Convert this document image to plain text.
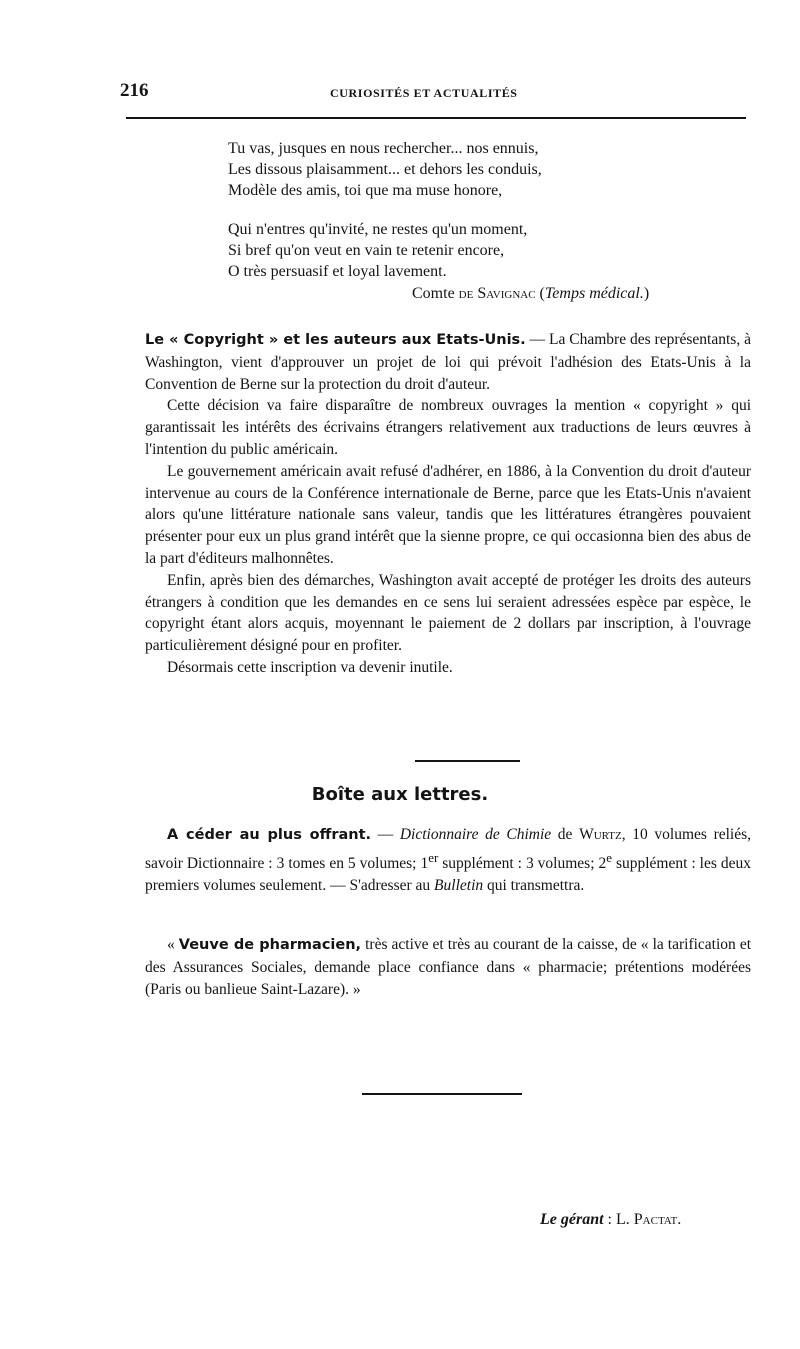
216	CURIOSITÉS ET ACTUALITÉS
Tu vas, jusques en nous rechercher... nos ennuis,
Les dissous plaisamment... et dehors les conduis,
Modèle des amis, toi que ma muse honore,
Qui n'entres qu'invité, ne restes qu'un moment,
Si bref qu'on veut en vain te retenir encore,
O très persuasif et loyal lavement.
Comte de Savignac (Temps médical.)

Le « Copyright » et les auteurs aux Etats-Unis. — La Chambre des représentants, à Washington, vient d'approuver un projet de loi qui prévoit l'adhésion des Etats-Unis à la Convention de Berne sur la protection du droit d'auteur.

Cette décision va faire disparaître de nombreux ouvrages la mention « copyright » qui garantissait les intérêts des écrivains étrangers relativement aux traductions de leurs œuvres à l'intention du public américain.

Le gouvernement américain avait refusé d'adhérer, en 1886, à la Convention du droit d'auteur intervenue au cours de la Conférence internationale de Berne, parce que les Etats-Unis n'avaient alors qu'une littérature nationale sans valeur, tandis que les littératures étrangères pouvaient présenter pour eux un plus grand intérêt que la sienne propre, ce qui occasionna bien des abus de la part d'éditeurs malhonnêtes.

Enfin, après bien des démarches, Washington avait accepté de protéger les droits des auteurs étrangers à condition que les demandes en ce sens lui seraient adressées espèce par espèce, le copyright étant alors acquis, moyennant le paiement de 2 dollars par inscription, à l'ouvrage particulièrement désigné pour en profiter.

Désormais cette inscription va devenir inutile.

Boîte aux lettres.

A céder au plus offrant. — Dictionnaire de Chimie de Wurtz, 10 volumes reliés, savoir Dictionnaire : 3 tomes en 5 volumes; 1er supplément : 3 volumes; 2e supplément : les deux premiers volumes seulement. — S'adresser au Bulletin qui transmettra.

« Veuve de pharmacien, très active et très au courant de la caisse, de « la tarification et des Assurances Sociales, demande place confiance dans « pharmacie; prétentions modérées (Paris ou banlieue Saint-Lazare). »

Le gérant : L. Pactat.
